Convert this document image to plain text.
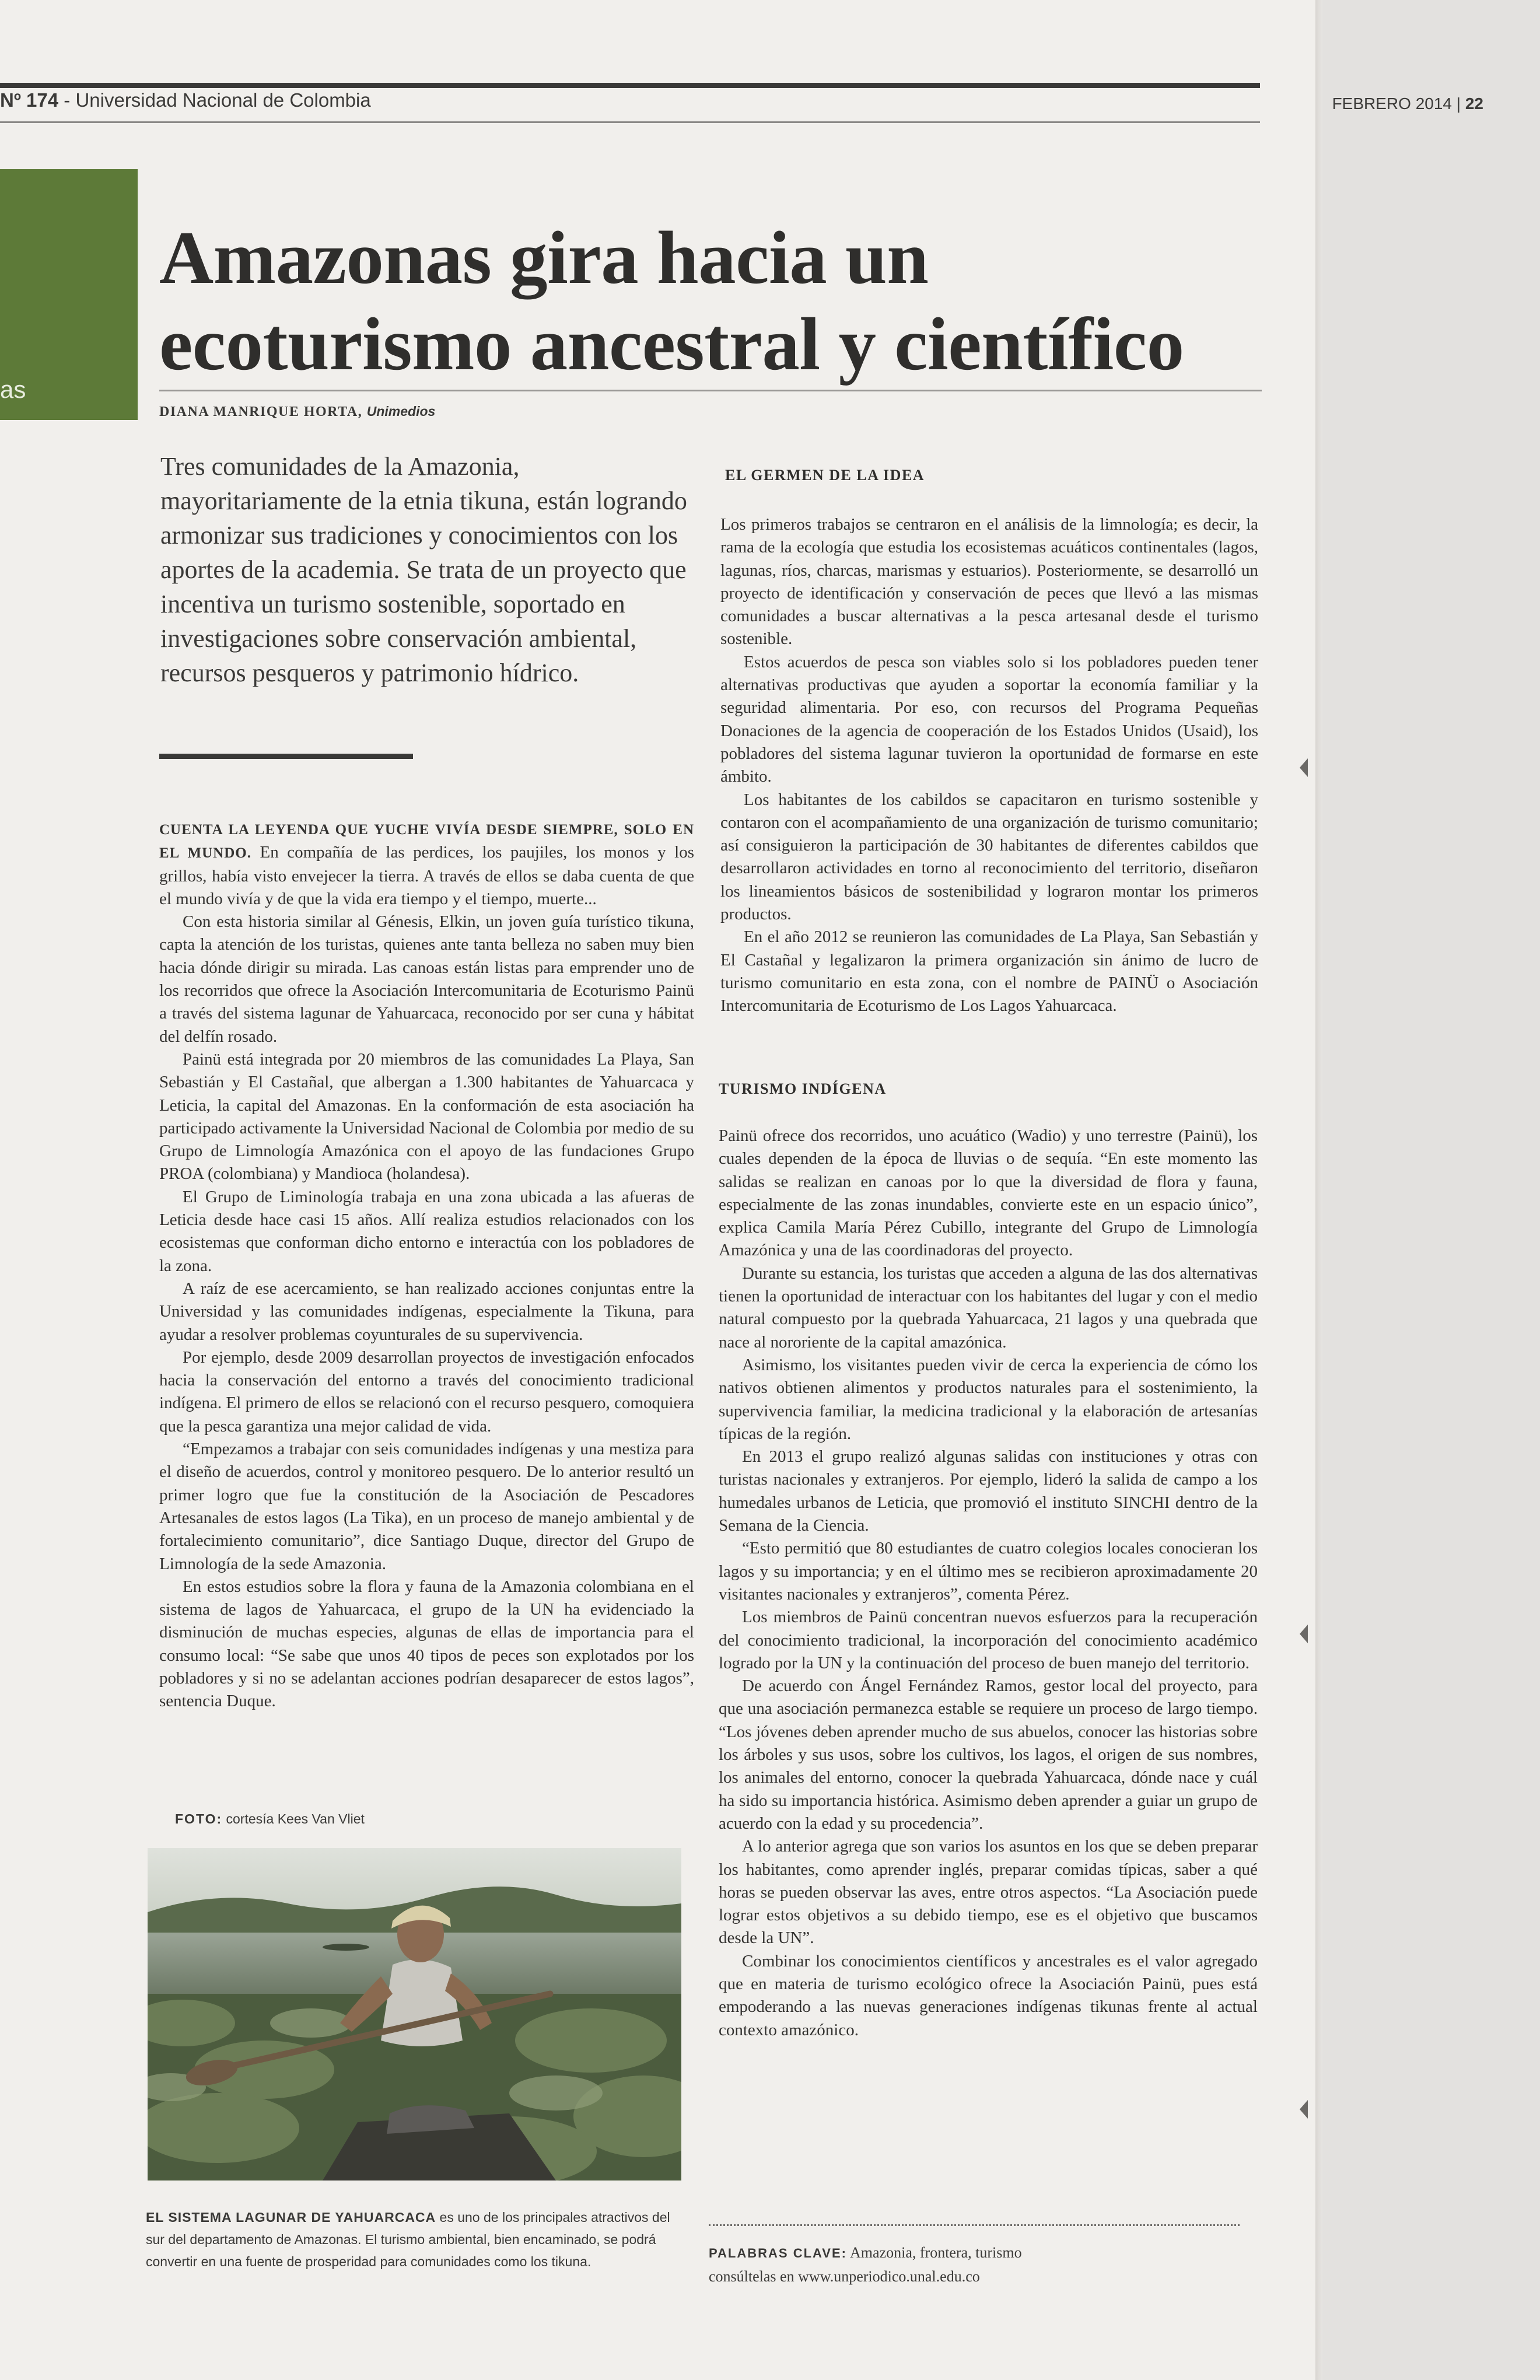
Nº 174 - Universidad Nacional de Colombia	FEBRERO 2014 | 22
as
Amazonas gira hacia un ecoturismo ancestral y científico
DIANA MANRIQUE HORTA, Unimedios

Tres comunidades de la Amazonia, mayoritariamente de la etnia tikuna, están logrando armonizar sus tradiciones y conocimientos con los aportes de la academia. Se trata de un proyecto que incentiva un turismo sostenible, soportado en investigaciones sobre conservación ambiental, recursos pesqueros y patrimonio hídrico.

CUENTA LA LEYENDA QUE YUCHE VIVÍA DESDE SIEMPRE, SOLO EN EL MUNDO. En compañía de las perdices, los paujiles, los monos y los grillos, había visto envejecer la tierra. A través de ellos se daba cuenta de que el mundo vivía y de que la vida era tiempo y el tiempo, muerte...

Con esta historia similar al Génesis, Elkin, un joven guía turístico tikuna, capta la atención de los turistas, quienes ante tanta belleza no saben muy bien hacia dónde dirigir su mirada. Las canoas están listas para emprender uno de los recorridos que ofrece la Asociación Intercomunitaria de Ecoturismo Painü a través del sistema lagunar de Yahuarcaca, reconocido por ser cuna y hábitat del delfín rosado.

Painü está integrada por 20 miembros de las comunidades La Playa, San Sebastián y El Castañal, que albergan a 1.300 habitantes de Yahuarcaca y Leticia, la capital del Amazonas. En la conformación de esta asociación ha participado activamente la Universidad Nacional de Colombia por medio de su Grupo de Limnología Amazónica con el apoyo de las fundaciones Grupo PROA (colombiana) y Mandioca (holandesa).

El Grupo de Liminología trabaja en una zona ubicada a las afueras de Leticia desde hace casi 15 años. Allí realiza estudios relacionados con los ecosistemas que conforman dicho entorno e interactúa con los pobladores de la zona.

A raíz de ese acercamiento, se han realizado acciones conjuntas entre la Universidad y las comunidades indígenas, especialmente la Tikuna, para ayudar a resolver problemas coyunturales de su supervivencia.

Por ejemplo, desde 2009 desarrollan proyectos de investigación enfocados hacia la conservación del entorno a través del conocimiento tradicional indígena. El primero de ellos se relacionó con el recurso pesquero, comoquiera que la pesca garantiza una mejor calidad de vida.

“Empezamos a trabajar con seis comunidades indígenas y una mestiza para el diseño de acuerdos, control y monitoreo pesquero. De lo anterior resultó un primer logro que fue la constitución de la Asociación de Pescadores Artesanales de estos lagos (La Tika), en un proceso de manejo ambiental y de fortalecimiento comunitario”, dice Santiago Duque, director del Grupo de Limnología de la sede Amazonia.

En estos estudios sobre la flora y fauna de la Amazonia colombiana en el sistema de lagos de Yahuarcaca, el grupo de la UN ha evidenciado la disminución de muchas especies, algunas de ellas de importancia para el consumo local: “Se sabe que unos 40 tipos de peces son explotados por los pobladores y si no se adelantan acciones podrían desaparecer de estos lagos”, sentencia Duque.

EL GERMEN DE LA IDEA

Los primeros trabajos se centraron en el análisis de la limnología; es decir, la rama de la ecología que estudia los ecosistemas acuáticos continentales (lagos, lagunas, ríos, charcas, marismas y estuarios). Posteriormente, se desarrolló un proyecto de identificación y conservación de peces que llevó a las mismas comunidades a buscar alternativas a la pesca artesanal desde el turismo sostenible.

Estos acuerdos de pesca son viables solo si los pobladores pueden tener alternativas productivas que ayuden a soportar la economía familiar y la seguridad alimentaria. Por eso, con recursos del Programa Pequeñas Donaciones de la agencia de cooperación de los Estados Unidos (Usaid), los pobladores del sistema lagunar tuvieron la oportunidad de formarse en este ámbito.

Los habitantes de los cabildos se capacitaron en turismo sostenible y contaron con el acompañamiento de una organización de turismo comunitario; así consiguieron la participación de 30 habitantes de diferentes cabildos que desarrollaron actividades en torno al reconocimiento del territorio, diseñaron los lineamientos básicos de sostenibilidad y lograron montar los primeros productos.

En el año 2012 se reunieron las comunidades de La Playa, San Sebastián y El Castañal y legalizaron la primera organización sin ánimo de lucro de turismo comunitario en esta zona, con el nombre de PAINÜ o Asociación Intercomunitaria de Ecoturismo de Los Lagos Yahuarcaca.

TURISMO INDÍGENA

Painü ofrece dos recorridos, uno acuático (Wadio) y uno terrestre (Painü), los cuales dependen de la época de lluvias o de sequía. “En este momento las salidas se realizan en canoas por lo que la diversidad de flora y fauna, especialmente de las zonas inundables, convierte este en un espacio único”, explica Camila María Pérez Cubillo, integrante del Grupo de Limnología Amazónica y una de las coordinadoras del proyecto.

Durante su estancia, los turistas que acceden a alguna de las dos alternativas tienen la oportunidad de interactuar con los habitantes del lugar y con el medio natural compuesto por la quebrada Yahuarcaca, 21 lagos y una quebrada que nace al nororiente de la capital amazónica.

Asimismo, los visitantes pueden vivir de cerca la experiencia de cómo los nativos obtienen alimentos y productos naturales para el sostenimiento, la supervivencia familiar, la medicina tradicional y la elaboración de artesanías típicas de la región.

En 2013 el grupo realizó algunas salidas con instituciones y otras con turistas nacionales y extranjeros. Por ejemplo, lideró la salida de campo a los humedales urbanos de Leticia, que promovió el instituto SINCHI dentro de la Semana de la Ciencia.

“Esto permitió que 80 estudiantes de cuatro colegios locales conocieran los lagos y su importancia; y en el último mes se recibieron aproximadamente 20 visitantes nacionales y extranjeros”, comenta Pérez.

Los miembros de Painü concentran nuevos esfuerzos para la recuperación del conocimiento tradicional, la incorporación del conocimiento académico logrado por la UN y la continuación del proceso de buen manejo del territorio.

De acuerdo con Ángel Fernández Ramos, gestor local del proyecto, para que una asociación permanezca estable se requiere un proceso de largo tiempo. “Los jóvenes deben aprender mucho de sus abuelos, conocer las historias sobre los árboles y sus usos, sobre los cultivos, los lagos, el origen de sus nombres, los animales del entorno, conocer la quebrada Yahuarcaca, dónde nace y cuál ha sido su importancia histórica. Asimismo deben aprender a guiar un grupo de acuerdo con la edad y su procedencia”.

A lo anterior agrega que son varios los asuntos en los que se deben preparar los habitantes, como aprender inglés, preparar comidas típicas, saber a qué horas se pueden observar las aves, entre otros aspectos. “La Asociación puede lograr estos objetivos a su debido tiempo, ese es el objetivo que buscamos desde la UN”.

Combinar los conocimientos científicos y ancestrales es el valor agregado que en materia de turismo ecológico ofrece la Asociación Painü, pues está empoderando a las nuevas generaciones indígenas tikunas frente al actual contexto amazónico.

FOTO: cortesía Kees Van Vliet

EL SISTEMA LAGUNAR DE YAHUARCACA es uno de los principales atractivos del sur del departamento de Amazonas. El turismo ambiental, bien encaminado, se podrá convertir en una fuente de prosperidad para comunidades como los tikuna.

PALABRAS CLAVE: Amazonia, frontera, turismo
consúltelas en www.unperiodico.unal.edu.co
